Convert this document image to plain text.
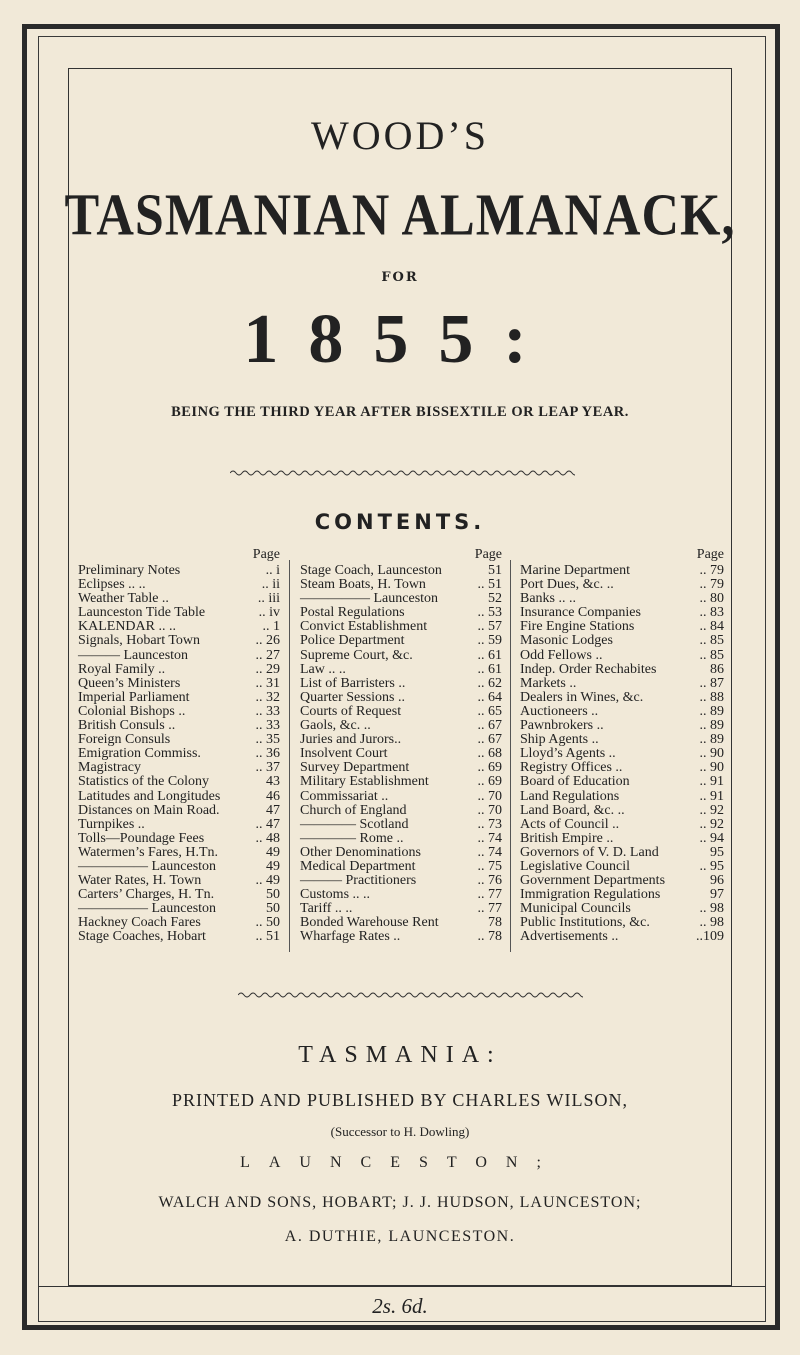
WOOD’S
TASMANIAN ALMANACK,
FOR
1855:
BEING THE THIRD YEAR AFTER BISSEXTILE OR LEAP YEAR.
CONTENTS.
Page
Preliminary Notes	.. i
Eclipses .. ..	.. ii
Weather Table ..	.. iii
Launceston Tide Table	.. iv
KALENDAR .. ..	.. 1
Signals, Hobart Town	.. 26
——— Launceston	.. 27
Royal Family ..	.. 29
Queen’s Ministers	.. 31
Imperial Parliament	.. 32
Colonial Bishops ..	.. 33
British Consuls ..	.. 33
Foreign Consuls	.. 35
Emigration Commiss.	.. 36
Magistracy	.. 37
Statistics of the Colony	43
Latitudes and Longitudes	46
Distances on Main Road.	47
Turnpikes ..	.. 47
Tolls—Poundage Fees	.. 48
Watermen’s Fares, H.Tn.	49
————— Launceston	49
Water Rates, H. Town	.. 49
Carters’ Charges, H. Tn.	50
————— Launceston	50
Hackney Coach Fares	.. 50
Stage Coaches, Hobart	.. 51
Page
Stage Coach, Launceston	51
Steam Boats, H. Town	.. 51
————— Launceston	52
Postal Regulations	.. 53
Convict Establishment	.. 57
Police Department	.. 59
Supreme Court, &c.	.. 61
Law .. ..	.. 61
List of Barristers ..	.. 62
Quarter Sessions ..	.. 64
Courts of Request	.. 65
Gaols, &c. ..	.. 67
Juries and Jurors..	.. 67
Insolvent Court	.. 68
Survey Department	.. 69
Military Establishment	.. 69
Commissariat ..	.. 70
Church of England	.. 70
———— Scotland	.. 73
———— Rome ..	.. 74
Other Denominations	.. 74
Medical Department	.. 75
——— Practitioners	.. 76
Customs .. ..	.. 77
Tariff .. ..	.. 77
Bonded Warehouse Rent	78
Wharfage Rates ..	.. 78
Page
Marine Department	.. 79
Port Dues, &c. ..	.. 79
Banks .. ..	.. 80
Insurance Companies	.. 83
Fire Engine Stations	.. 84
Masonic Lodges	.. 85
Odd Fellows ..	.. 85
Indep. Order Rechabites	86
Markets ..	.. 87
Dealers in Wines, &c.	.. 88
Auctioneers ..	.. 89
Pawnbrokers ..	.. 89
Ship Agents ..	.. 89
Lloyd’s Agents ..	.. 90
Registry Offices ..	.. 90
Board of Education	.. 91
Land Regulations	.. 91
Land Board, &c. ..	.. 92
Acts of Council ..	.. 92
British Empire ..	.. 94
Governors of V. D. Land	95
Legislative Council	.. 95
Government Departments	96
Immigration Regulations	97
Municipal Councils	.. 98
Public Institutions, &c.	.. 98
Advertisements ..	..109
TASMANIA:
PRINTED AND PUBLISHED BY CHARLES WILSON,
(Successor to H. Dowling)
LAUNCESTON;
WALCH AND SONS, HOBART; J. J. HUDSON, LAUNCESTON;
A. DUTHIE, LAUNCESTON.
2s. 6d.
